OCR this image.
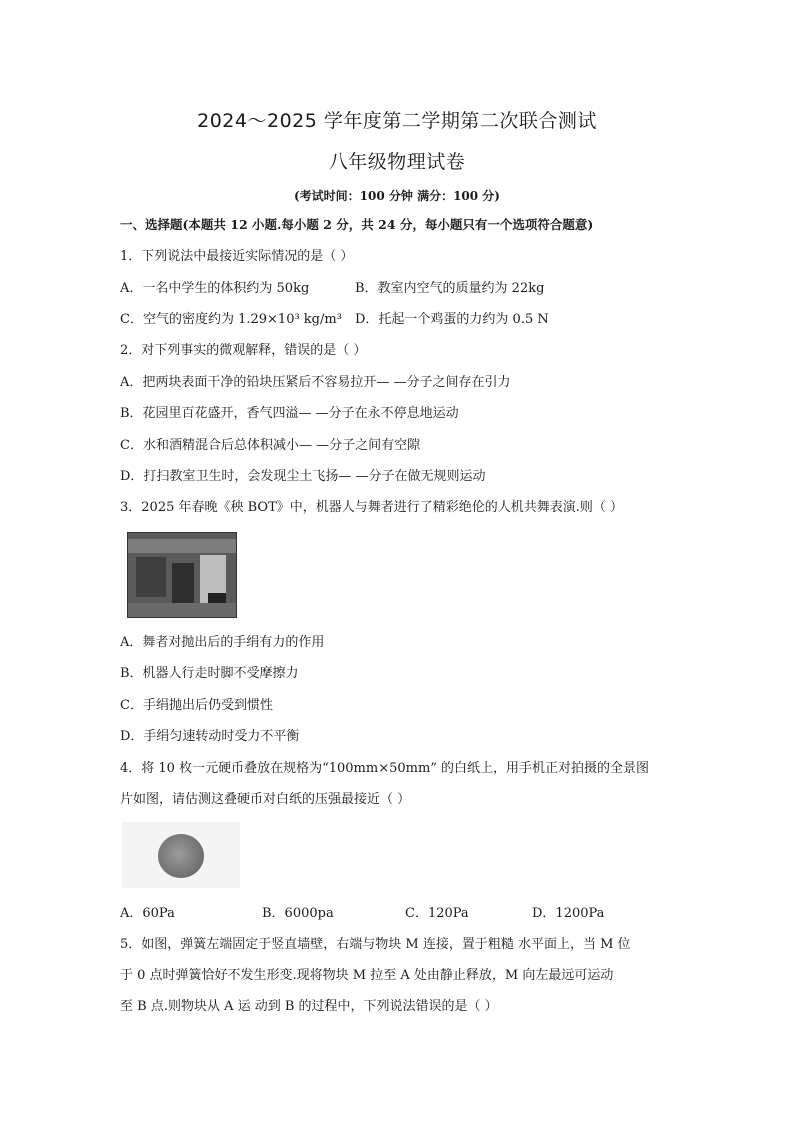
2024～2025 学年度第二学期第二次联合测试
八年级物理试卷
(考试时间：100 分钟 满分：100 分)
一、选择题(本题共 12 小题.每小题 2 分，共 24 分，每小题只有一个选项符合题意)
1．下列说法中最接近实际情况的是（ ）
A．一名中学生的体积约为 50kg	B．教室内空气的质量约为 22kg
C．空气的密度约为 1.29×10³ kg/m³ D．托起一个鸡蛋的力约为 0.5 N
2．对下列事实的微观解释，错误的是（ ）
A．把两块表面干净的铅块压紧后不容易拉开— —分子之间存在引力
B．花园里百花盛开，香气四溢— —分子在永不停息地运动
C．水和酒精混合后总体积减小— —分子之间有空隙
D．打扫教室卫生时，会发现尘土飞扬— —分子在做无规则运动
3．2025 年春晚《秧 BOT》中，机器人与舞者进行了精彩绝伦的人机共舞表演.则（ ）
A．舞者对抛出后的手绢有力的作用
B．机器人行走时脚不受摩擦力
C．手绢抛出后仍受到惯性
D．手绢匀速转动时受力不平衡
4．将 10 枚一元硬币叠放在规格为“100mm×50mm” 的白纸上，用手机正对拍摄的全景图
片如图，请估测这叠硬币对白纸的压强最接近（ ）
A．60Pa	B．6000pa	C．120Pa	D．1200Pa
5．如图，弹簧左端固定于竖直墙壁，右端与物块 M 连接，置于粗糙 水平面上，当 M 位
于 0 点时弹簧恰好不发生形变.现将物块 M 拉至 A 处由静止释放，M 向左最远可运动
至 B 点.则物块从 A 运 动到 B 的过程中，下列说法错误的是（ ）
